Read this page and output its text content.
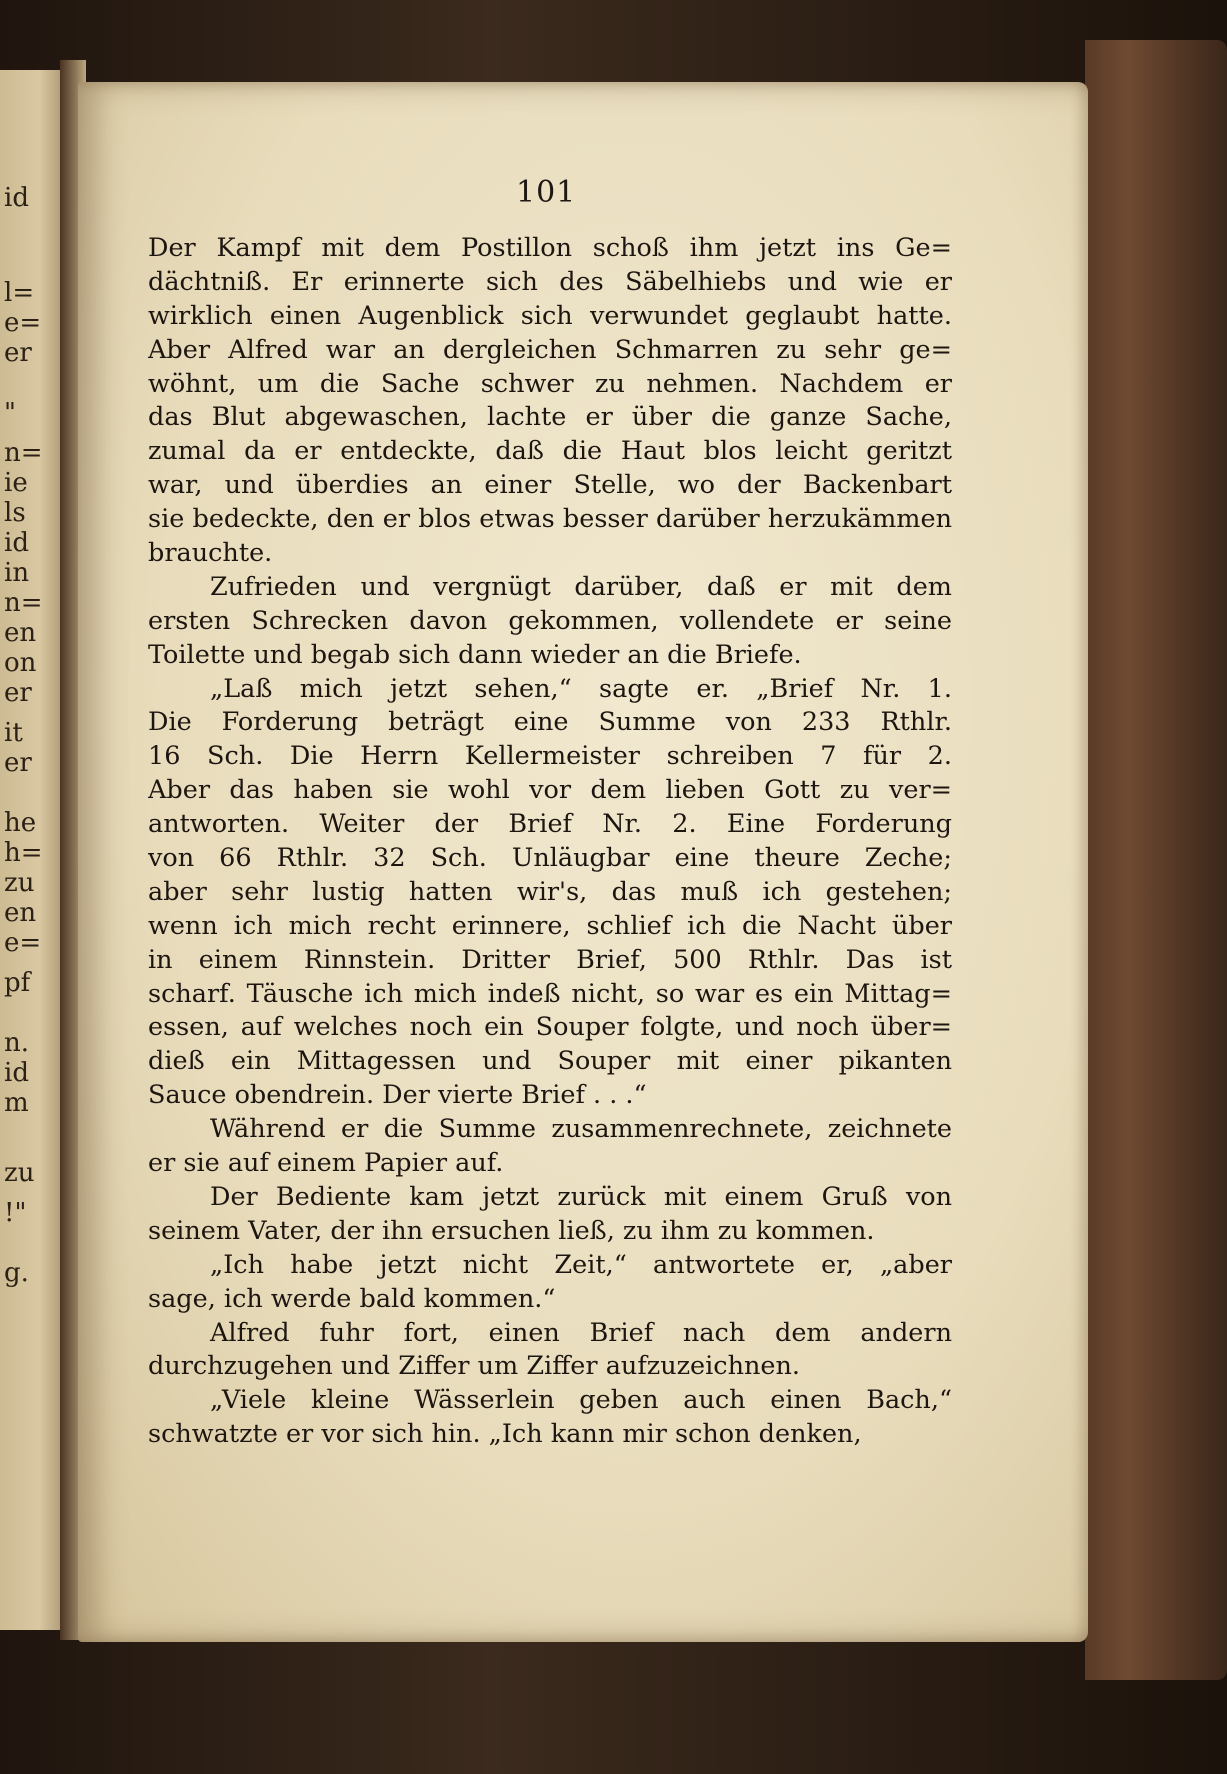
id
l=
e=
er
"
n=
ie
ls
id
in
n=
en
on
er
it
er
he
h=
zu
en
e=
pf
n.
id
m
zu
!"
g.
101
Der Kampf mit dem Postillon schoß ihm jetzt ins Ge=
dächtniß. Er erinnerte sich des Säbelhiebs und wie er
wirklich einen Augenblick sich verwundet geglaubt hatte.
Aber Alfred war an dergleichen Schmarren zu sehr ge=
wöhnt, um die Sache schwer zu nehmen. Nachdem er
das Blut abgewaschen, lachte er über die ganze Sache,
zumal da er entdeckte, daß die Haut blos leicht geritzt
war, und überdies an einer Stelle, wo der Backenbart
sie bedeckte, den er blos etwas besser darüber herzukämmen
brauchte.
Zufrieden und vergnügt darüber, daß er mit dem
ersten Schrecken davon gekommen, vollendete er seine
Toilette und begab sich dann wieder an die Briefe.
„Laß mich jetzt sehen,“ sagte er. „Brief Nr. 1.
Die Forderung beträgt eine Summe von 233 Rthlr.
16 Sch. Die Herrn Kellermeister schreiben 7 für 2.
Aber das haben sie wohl vor dem lieben Gott zu ver=
antworten. Weiter der Brief Nr. 2. Eine Forderung
von 66 Rthlr. 32 Sch. Unläugbar eine theure Zeche;
aber sehr lustig hatten wir's, das muß ich gestehen;
wenn ich mich recht erinnere, schlief ich die Nacht über
in einem Rinnstein. Dritter Brief, 500 Rthlr. Das ist
scharf. Täusche ich mich indeß nicht, so war es ein Mittag=
essen, auf welches noch ein Souper folgte, und noch über=
dieß ein Mittagessen und Souper mit einer pikanten
Sauce obendrein. Der vierte Brief . . .“
Während er die Summe zusammenrechnete, zeichnete
er sie auf einem Papier auf.
Der Bediente kam jetzt zurück mit einem Gruß von
seinem Vater, der ihn ersuchen ließ, zu ihm zu kommen.
„Ich habe jetzt nicht Zeit,“ antwortete er, „aber
sage, ich werde bald kommen.“
Alfred fuhr fort, einen Brief nach dem andern
durchzugehen und Ziffer um Ziffer aufzuzeichnen.
„Viele kleine Wässerlein geben auch einen Bach,“
schwatzte er vor sich hin. „Ich kann mir schon denken,
